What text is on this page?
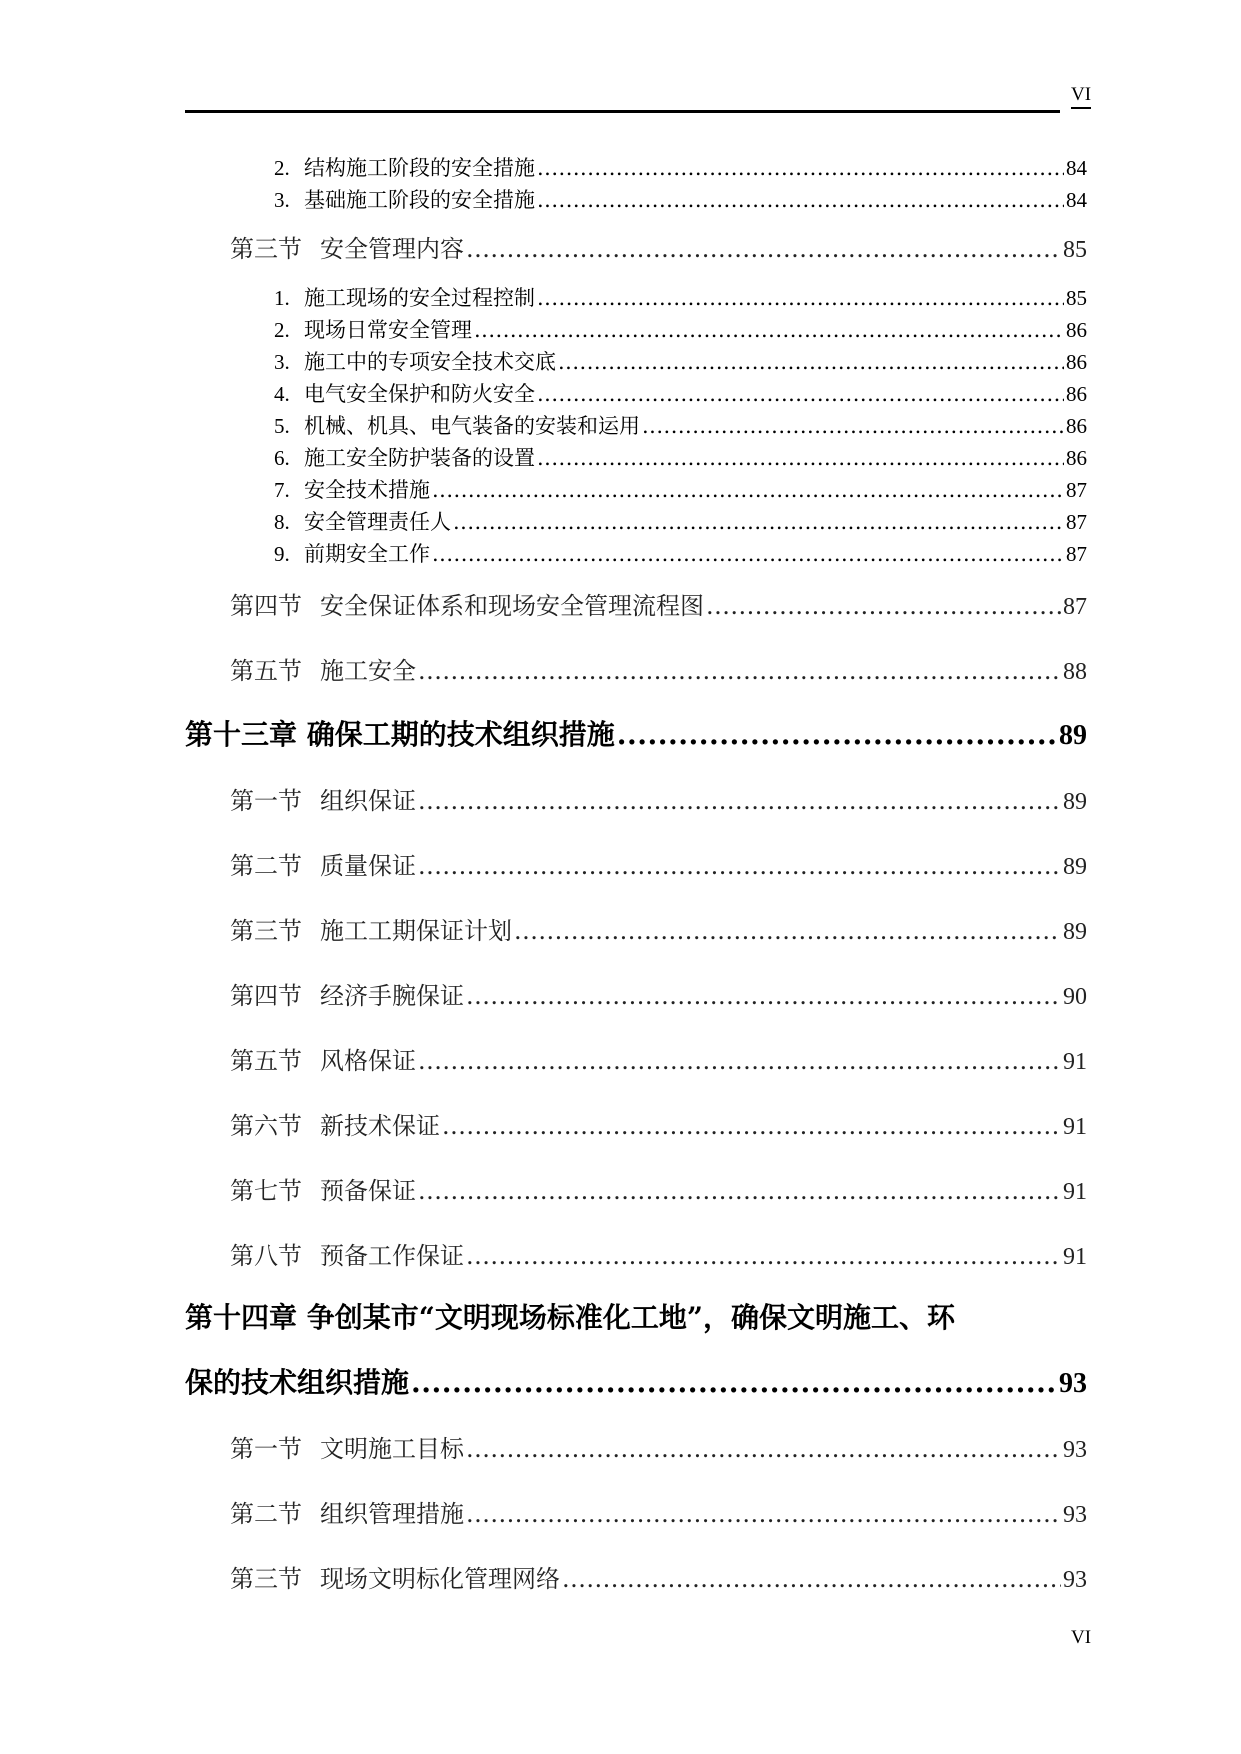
VI
2. 结构施工阶段的安全措施 .....	84
3. 基础施工阶段的安全措施 .....	84
第三节 安全管理内容 .....	85
1. 施工现场的安全过程控制 .....	85
2. 现场日常安全管理 .....	86
3. 施工中的专项安全技术交底 .....	86
4. 电气安全保护和防火安全 .....	86
5. 机械、机具、电气装备的安装和运用 .....	86
6. 施工安全防护装备的设置 .....	86
7. 安全技术措施 .....	87
8. 安全管理责任人 .....	87
9. 前期安全工作 .....	87
第四节 安全保证体系和现场安全管理流程图 .....	87
第五节 施工安全 .....	88
第十三章 确保工期的技术组织措施 .....	89
第一节 组织保证 .....	89
第二节 质量保证 .....	89
第三节 施工工期保证计划 .....	89
第四节 经济手腕保证 .....	90
第五节 风格保证 .....	91
第六节 新技术保证 .....	91
第七节 预备保证 .....	91
第八节 预备工作保证 .....	91
第十四章 争创某市“文明现场标准化工地”，确保文明施工、环
保的技术组织措施 .....	93
第一节 文明施工目标 .....	93
第二节 组织管理措施 .....	93
第三节 现场文明标化管理网络 .....	93
VI
